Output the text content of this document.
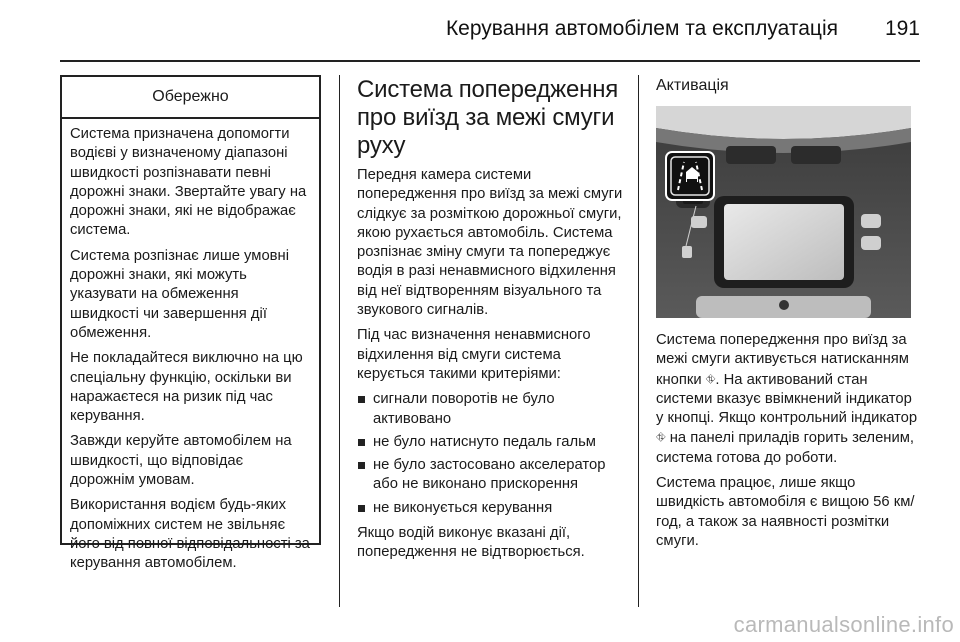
Керування автомобілем та експлуатація 191
Обережно

Система призначена допомогти водієві у визначеному діапазоні швидкості розпізнавати певні дорожні знаки. Звертайте увагу на дорожні знаки, які не відображає система.

Система розпізнає лише умовні дорожні знаки, які можуть указувати на обмеження швидкості чи завершення дії обмеження.

Не покладайтеся виключно на цю спеціальну функцію, оскільки ви наражаєтеся на ризик під час керування.

Завжди керуйте автомобілем на швидкості, що відповідає дорожнім умовам.

Використання водієм будь-яких допоміжних систем не звільняє його від повної відповідальності за керування автомобілем.

Система попередження про виїзд за межі смуги руху

Передня камера системи попередження про виїзд за межі смуги слідкує за розміткою дорожньої смуги, якою рухається автомобіль. Система розпізнає зміну смуги та попереджує водія в разі ненавмисного відхилення від неї відтворенням візуального та звукового сигналів.

Під час визначення ненавмисного відхилення від смуги система керується такими критеріями:

сигнали поворотів не було активовано
не було натиснуто педаль гальм
не було застосовано акселератор або не виконано прискорення
не виконується керування

Якщо водій виконує вказані дії, попередження не відтворюється.

Активація

Система попередження про виїзд за межі смуги активується натисканням кнопки ⛗. На активований стан системи вказує ввімкнений індикатор у кнопці. Якщо контрольний індикатор ⛗ на панелі приладів горить зеленим, система готова до роботи.

Система працює, лише якщо швидкість автомобіля є вищою 56 км/год, а також за наявності розмітки смуги.

carmanualsonline.info
